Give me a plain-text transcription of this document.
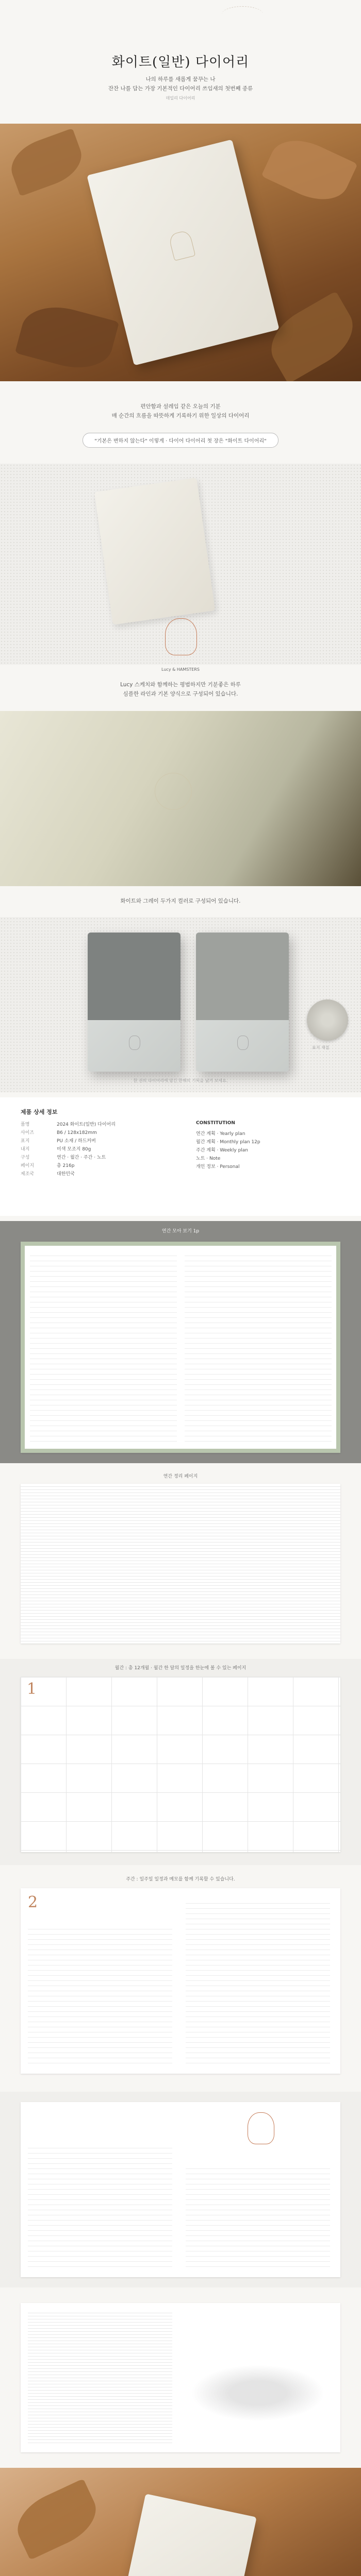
화이트(일반) 다이어리
나의 하루를 새롭게 꿈꾸는 나
잔잔 나를 담는 가장 기본적인 다이어리 쓰임새의 첫번째 종류
데일리 다이어리
편안함과 설레임 같은 오늘의 기분
매 순간의 흐름을 따뜻하게 기록하기 위한 일상의 다이어리
"기본은 변하지 않는다" 이렇게 · 다이어 다이어리 첫 장은 "화이트 다이어리"
Lucy & HAMSTERS
Lucy 스케치와 함께하는 평범하지만 기분좋은 하루
심플한 라인과 기본 양식으로 구성되어 있습니다.
화이트와 그레이 두가지 컬러로 구성되어 있습니다.
표지 재질
한 권의 다이어리에 담긴 한해의 기록을 남겨 보세요.
제품 상세 정보
품명	2024 화이트(일반) 다이어리
사이즈	B6 / 128x182mm
표지	PU 소재 / 하드커버
내지	미색 모조지 80g
구성	연간 · 월간 · 주간 · 노트
페이지	총 216p
제조국	대한민국
CONSTITUTION
연간 계획 · Yearly plan
월간 계획 · Monthly plan 12p
주간 계획 · Weekly plan
노트 · Note
개인 정보 · Personal
연간 모아 보기 1p
연간 정리 페이지
월간 : 총 12개월 · 월간 한 달의 일정을 한눈에 볼 수 있는 페이지
1
주간 : 일주일 일정과 메모를 함께 기록할 수 있습니다.
2
